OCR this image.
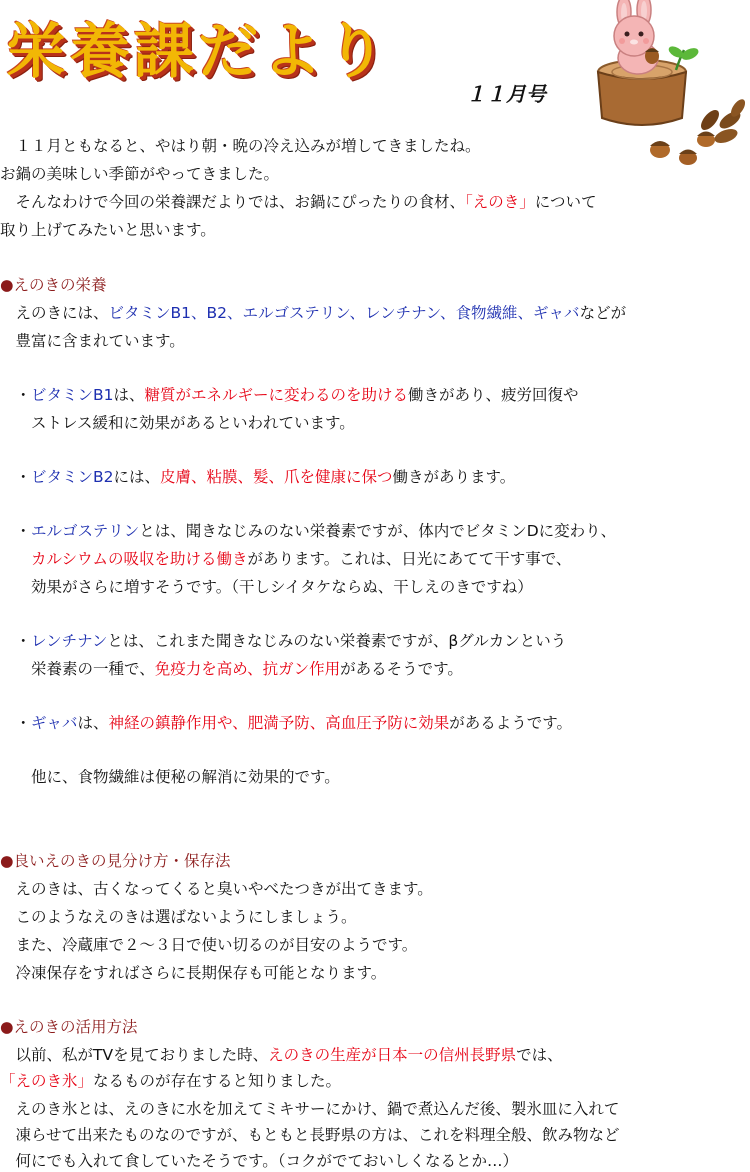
栄養課だより
１１月号
　１１月ともなると、やはり朝・晩の冷え込みが増してきましたね。
お鍋の美味しい季節がやってきました。
　そんなわけで今回の栄養課だよりでは、お鍋にぴったりの食材、「えのき」について
取り上げてみたいと思います。
●えのきの栄養
　えのきには、ビタミンB1、B2、エルゴステリン、レンチナン、食物繊維、ギャバなどが
　豊富に含まれています。
　・ビタミンB1は、糖質がエネルギーに変わるのを助ける働きがあり、疲労回復や
　　ストレス緩和に効果があるといわれています。
　・ビタミンB2には、皮膚、粘膜、髪、爪を健康に保つ働きがあります。
　・エルゴステリンとは、聞きなじみのない栄養素ですが、体内でビタミンDに変わり、
　　カルシウムの吸収を助ける働きがあります。これは、日光にあてて干す事で、
　　効果がさらに増すそうです。（干しシイタケならぬ、干しえのきですね）
　・レンチナンとは、これまた聞きなじみのない栄養素ですが、βグルカンという
　　栄養素の一種で、免疫力を高め、抗ガン作用があるそうです。
　・ギャバは、神経の鎮静作用や、肥満予防、高血圧予防に効果があるようです。
　　他に、食物繊維は便秘の解消に効果的です。
●良いえのきの見分け方・保存法
　えのきは、古くなってくると臭いやべたつきが出てきます。
　このようなえのきは選ばないようにしましょう。
　また、冷蔵庫で２～３日で使い切るのが目安のようです。
　冷凍保存をすればさらに長期保存も可能となります。
●えのきの活用方法
　以前、私がTVを見ておりました時、えのきの生産が日本一の信州長野県では、
「えのき氷」なるものが存在すると知りました。
　えのき氷とは、えのきに水を加えてミキサーにかけ、鍋で煮込んだ後、製氷皿に入れて
　凍らせて出来たものなのですが、もともと長野県の方は、これを料理全般、飲み物など
　何にでも入れて食していたそうです。（コクがでておいしくなるとか…）
